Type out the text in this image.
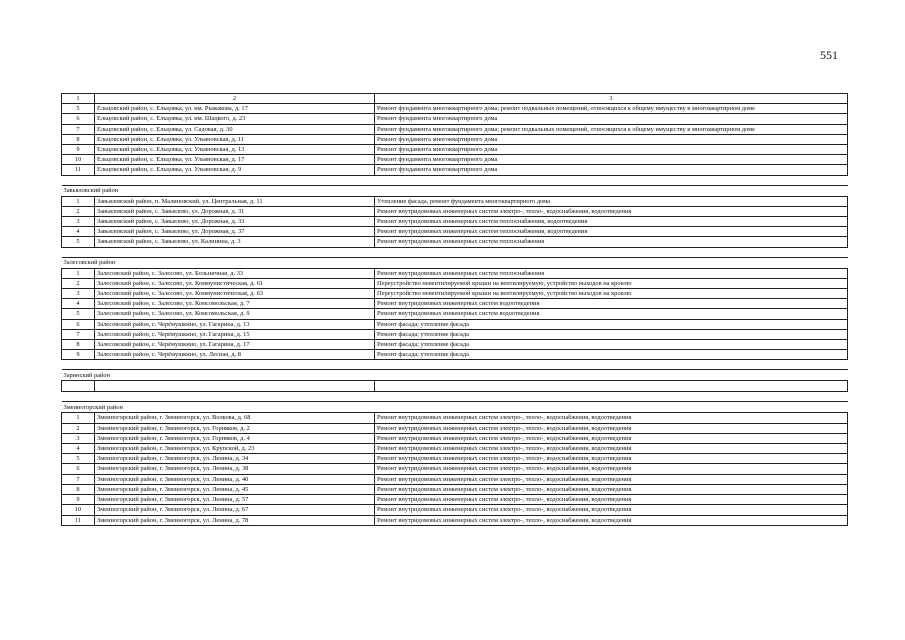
551
1	2	3
5	Ельцовский район, с. Ельцовка, ул. им. Рыжакова, д. 17	Ремонт фундамента многоквартирного дома; ремонт подвальных помещений, относящихся к общему имуществу в многоквартирном доме
6	Ельцовский район, с. Ельцовка, ул. им. Шацкого, д. 23	Ремонт фундамента многоквартирного дома
7	Ельцовский район, с. Ельцовка, ул. Садовая, д. 30	Ремонт фундамента многоквартирного дома; ремонт подвальных помещений, относящихся к общему имуществу в многоквартирном доме
8	Ельцовский район, с. Ельцовка, ул. Ульяновская, д. 11	Ремонт фундамента многоквартирного дома
9	Ельцовский район, с. Ельцовка, ул. Ульяновская, д. 13	Ремонт фундамента многоквартирного дома
10	Ельцовский район, с. Ельцовка, ул. Ульяновская, д. 17	Ремонт фундамента многоквартирного дома
11	Ельцовский район, с. Ельцовка, ул. Ульяновская, д. 9	Ремонт фундамента многоквартирного дома

Завьяловский район		
1	Завьяловский район, п. Малиновский, ул. Центральная, д. 11	Утепление фасада, ремонт фундамента многоквартирного дома
2	Завьяловский район, с. Завьялово, ул. Дорожная, д. 31	Ремонт внутридомовых инженерных систем электро-, тепло-, водоснабжения, водоотведения
3	Завьяловский район, с. Завьялово, ул. Дорожная, д. 33	Ремонт внутридомовых инженерных систем теплоснабжения, водоотведения
4	Завьяловский район, с. Завьялово, ул. Дорожная, д. 37	Ремонт внутридомовых инженерных систем теплоснабжения, водоотведения
5	Завьяловский район, с. Завьялово, ул. Калинина, д. 3	Ремонт внутридомовых инженерных систем теплоснабжения

Залесовский район		
1	Залесовский район, с. Залесово, ул. Больничная, д. 33	Ремонт внутридомовых инженерных систем теплоснабжения
2	Залесовский район, с. Залесово, ул. Коммунистическая, д. 61	Переустройство невентилируемой крыши на вентилируемую, устройство выходов на кровлю
3	Залесовский район, с. Залесово, ул. Коммунистическая, д. 63	Переустройство невентилируемой крыши на вентилируемую, устройство выходов на кровлю
4	Залесовский район, с. Залесово, ул. Комсомольская, д. 7	Ремонт внутридомовых инженерных систем водоотведения
5	Залесовский район, с. Залесово, ул. Комсомольская, д. 9	Ремонт внутридомовых инженерных систем водоотведения
6	Залесовский район, с. Черёмушкино, ул. Гагарина, д. 13	Ремонт фасада; утепление фасада
7	Залесовский район, с. Черёмушкино, ул. Гагарина, д. 15	Ремонт фасада; утепление фасада
8	Залесовский район, с. Черёмушкино, ул. Гагарина, д. 17	Ремонт фасада; утепление фасада
9	Залесовский район, с. Черёмушкино, ул. Лесная, д. 8	Ремонт фасада; утепление фасада

Заринский район		

Змеиногорский район		
1	Змеиногорский район, г. Змеиногорск, ул. Волкова, д. 68	Ремонт внутридомовых инженерных систем электро-, тепло-, водоснабжения, водоотведения
2	Змеиногорский район, г. Змеиногорск, ул. Горняков, д. 2	Ремонт внутридомовых инженерных систем электро-, тепло-, водоснабжения, водоотведения
3	Змеиногорский район, г. Змеиногорск, ул. Горняков, д. 4	Ремонт внутридомовых инженерных систем электро-, тепло-, водоснабжения, водоотведения
4	Змеиногорский район, г. Змеиногорск, ул. Крупской, д. 23	Ремонт внутридомовых инженерных систем электро-, тепло-, водоснабжения, водоотведения
5	Змеиногорский район, г. Змеиногорск, ул. Ленина, д. 34	Ремонт внутридомовых инженерных систем электро-, тепло-, водоснабжения, водоотведения
6	Змеиногорский район, г. Змеиногорск, ул. Ленина, д. 38	Ремонт внутридомовых инженерных систем электро-, тепло-, водоснабжения, водоотведения
7	Змеиногорский район, г. Змеиногорск, ул. Ленина, д. 40	Ремонт внутридомовых инженерных систем электро-, тепло-, водоснабжения, водоотведения
8	Змеиногорский район, г. Змеиногорск, ул. Ленина, д. 45	Ремонт внутридомовых инженерных систем электро-, тепло-, водоснабжения, водоотведения
9	Змеиногорский район, г. Змеиногорск, ул. Ленина, д. 57	Ремонт внутридомовых инженерных систем электро-, тепло-, водоснабжения, водоотведения
10	Змеиногорский район, г. Змеиногорск, ул. Ленина, д. 67	Ремонт внутридомовых инженерных систем электро-, тепло-, водоснабжения, водоотведения
11	Змеиногорский район, г. Змеиногорск, ул. Ленина, д. 78	Ремонт внутридомовых инженерных систем электро-, тепло-, водоснабжения, водоотведения
